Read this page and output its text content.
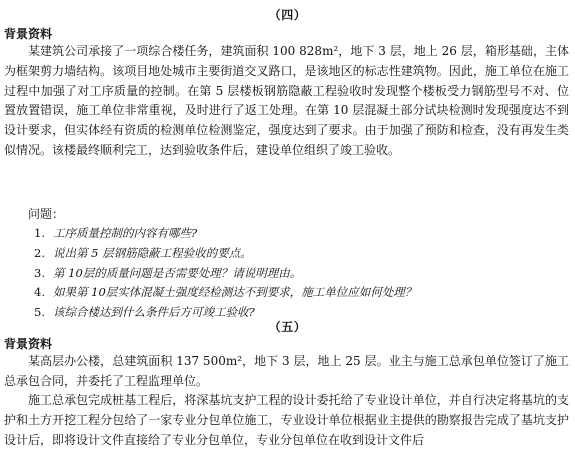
（四）
背景资料
某建筑公司承接了一项综合楼任务，建筑面积 100 828m²，地下 3 层，地上 26 层，箱形基础，主体为框架剪力墙结构。该项目地处城市主要街道交叉路口，是该地区的标志性建筑物。因此，施工单位在施工过程中加强了对工序质量的控制。在第 5 层楼板钢筋隐蔽工程验收时发现整个楼板受力钢筋型号不对、位置放置错误，施工单位非常重视，及时进行了返工处理。在第 10 层混凝土部分试块检测时发现强度达不到设计要求，但实体经有资质的检测单位检测鉴定，强度达到了要求。由于加强了预防和检查，没有再发生类似情况。该楼最终顺利完工，达到验收条件后，建设单位组织了竣工验收。
问题：
1. 工序质量控制的内容有哪些?
2. 说出第 5 层钢筋隐蔽工程验收的要点。
3. 第 10层的质量问题是否需要处理？请说明理由。
4. 如果第 10层实体混凝土强度经检测达不到要求，施工单位应如何处理？
5. 该综合楼达到什么条件后方可竣工验收?
（五）
背景资料
某高层办公楼，总建筑面积 137 500m²，地下 3 层，地上 25 层。业主与施工总承包单位签订了施工总承包合同，并委托了工程监理单位。
施工总承包完成桩基工程后，将深基坑支护工程的设计委托给了专业设计单位，并自行决定将基坑的支护和土方开挖工程分包给了一家专业分包单位施工，专业设计单位根据业主提供的勘察报告完成了基坑支护设计后，即将设计文件直接给了专业分包单位，专业分包单位在收到设计文件后
